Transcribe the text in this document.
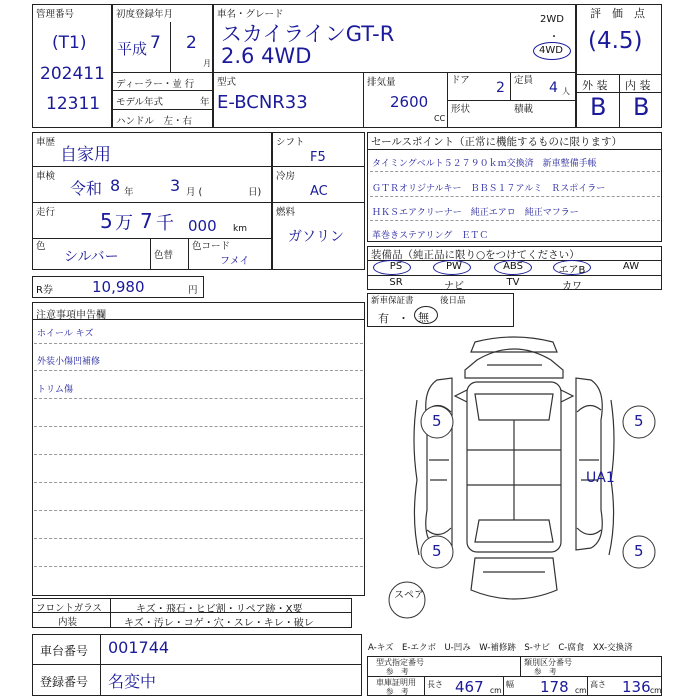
管理番号
(T1)
202411
12311
初度登録年月
平成 7 2
月
ディーラー・並 行
モデル年式	年
ハンドル　左・右
車名・グレード
スカイラインGT-R
2.6 4WD
2WD
・
4WD
型式
E-BCNR33
排気量
2600
CC
ドア 2 定員 4 人
形状	積載
評　価　点
(4.5)
外 装 内 装
B B
車歴
自家用
車検
令和 8 年 3 月 (	日)
走行 5 万 7 千 000 km
色
シルバー	色替
色コード
フメイ
シフト
F5
冷房
AC
燃料
ガソリン
R券	10,980	円
セールスポイント（正常に機能するものに限ります）
タイミングベルト５２７９０ｋｍ交換済　新車整備手帳
ＧＴＲオリジナルキー　ＢＢＳ１７アルミ　Ｒスポイラー
ＨＫＳエアクリーナー　純正エアロ　純正マフラー
革巻きステアリング　ＥＴＣ
装備品（純正品に限り○をつけてください）
PS	PW	ABS	エアB	AW
SR	ナビ	TV	カワ
新車保証書	後日品
有 ・ 無
注意事項申告欄
ホイール キズ
外装小傷凹補修
トリム傷
5	5
5	5
UA1
スペア
フロントガラス	キズ・飛石・ヒビ割・リペア跡・X要
内装	キズ・汚レ・コゲ・穴・スレ・キレ・破レ
車台番号 001744
登録番号 名変中
A-キズ　E-エクボ　U-凹み　W-補修跡　S-サビ　C-腐食　XX-交換済
型式指定番号
参　考
類別区分番号
参　考
車庫証明用
参　考
長さ 467 cm
幅 178 cm
高さ 136 cm
